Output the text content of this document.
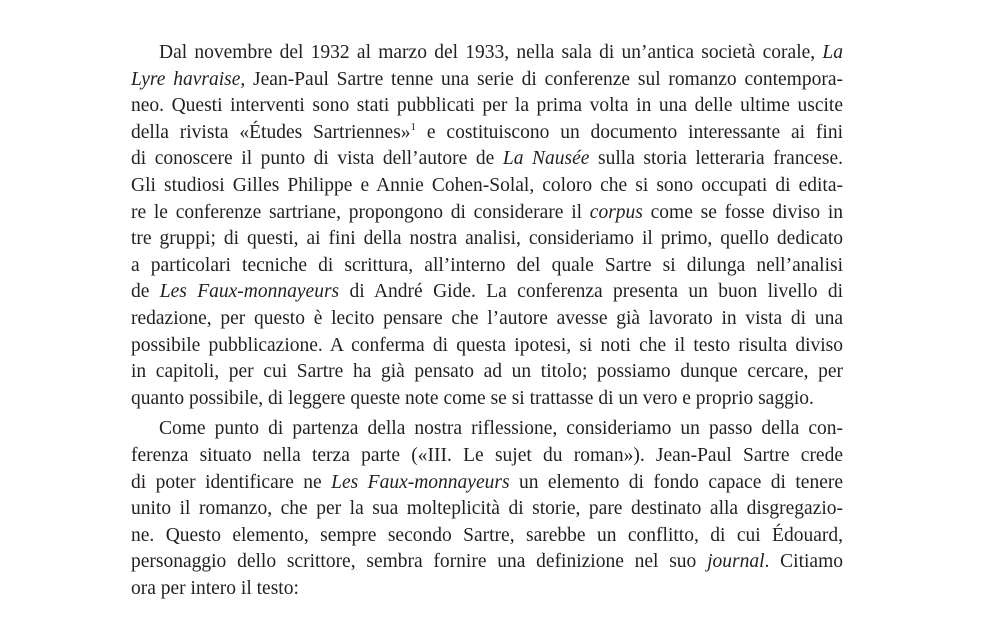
Dal novembre del 1932 al marzo del 1933, nella sala di un’antica società corale, La
Lyre havraise, Jean-Paul Sartre tenne una serie di conferenze sul romanzo contempora-
neo. Questi interventi sono stati pubblicati per la prima volta in una delle ultime uscite
della rivista «Études Sartriennes»$^1$ e costituiscono un documento interessante ai fini
di conoscere il punto di vista dell’autore de La Nausée sulla storia letteraria francese.
Gli studiosi Gilles Philippe e Annie Cohen-Solal, coloro che si sono occupati di edita-
re le conferenze sartriane, propongono di considerare il corpus come se fosse diviso in
tre gruppi; di questi, ai fini della nostra analisi, consideriamo il primo, quello dedicato
a particolari tecniche di scrittura, all’interno del quale Sartre si dilunga nell’analisi
de Les Faux-monnayeurs di André Gide. La conferenza presenta un buon livello di
redazione, per questo è lecito pensare che l’autore avesse già lavorato in vista di una
possibile pubblicazione. A conferma di questa ipotesi, si noti che il testo risulta diviso
in capitoli, per cui Sartre ha già pensato ad un titolo; possiamo dunque cercare, per
quanto possibile, di leggere queste note come se si trattasse di un vero e proprio saggio.
Come punto di partenza della nostra riflessione, consideriamo un passo della con-
ferenza situato nella terza parte («III. Le sujet du roman»). Jean-Paul Sartre crede
di poter identificare ne Les Faux-monnayeurs un elemento di fondo capace di tenere
unito il romanzo, che per la sua molteplicità di storie, pare destinato alla disgregazio-
ne. Questo elemento, sempre secondo Sartre, sarebbe un conflitto, di cui Édouard,
personaggio dello scrittore, sembra fornire una definizione nel suo journal. Citiamo
ora per intero il testo:
